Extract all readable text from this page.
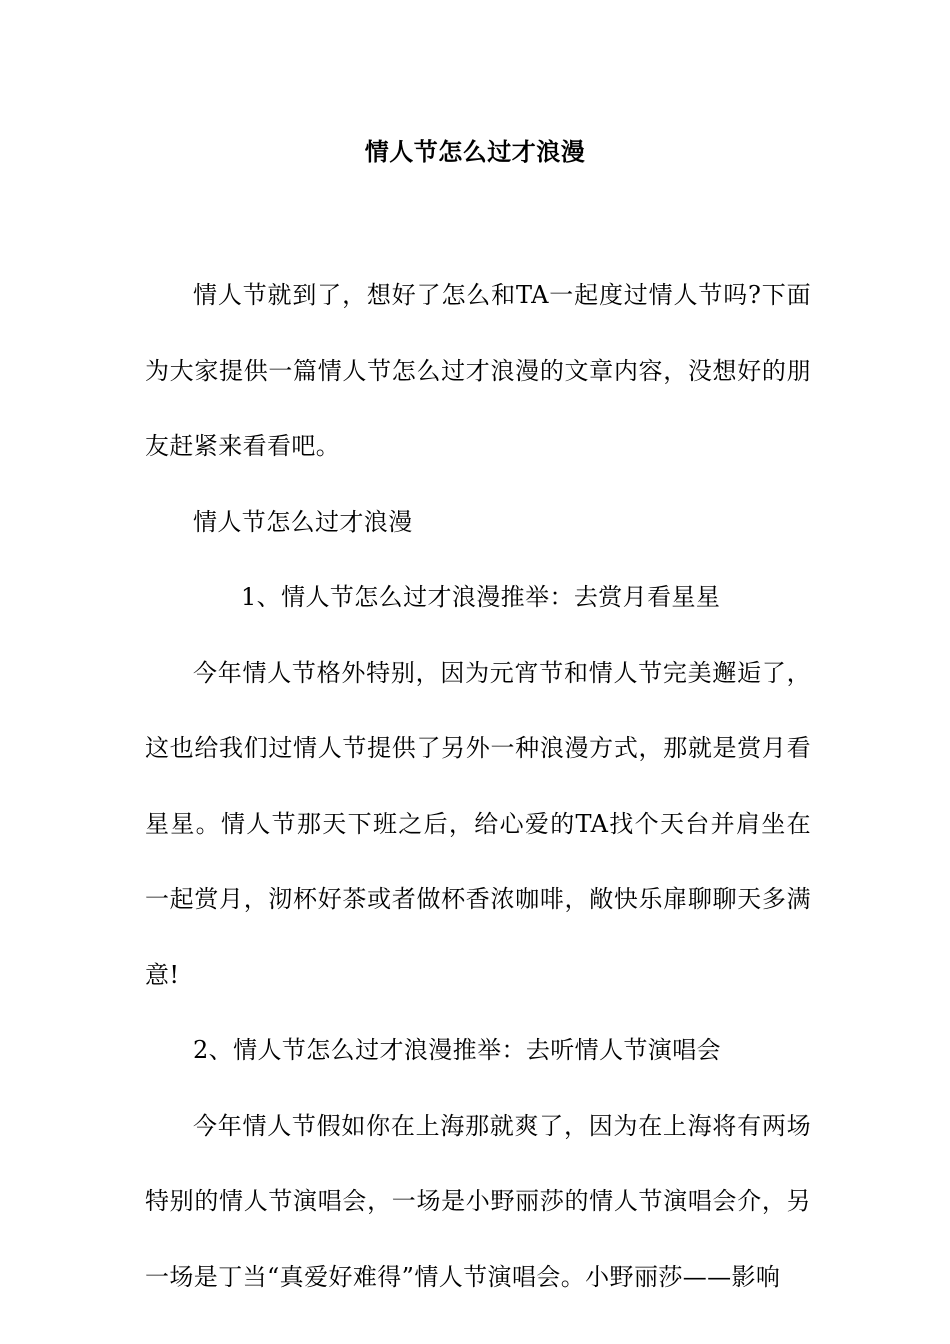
情人节怎么过才浪漫

情人节就到了，想好了怎么和TA一起度过情人节吗?下面为大家提供一篇情人节怎么过才浪漫的文章内容，没想好的朋友赶紧来看看吧。

情人节怎么过才浪漫

1、情人节怎么过才浪漫推举：去赏月看星星

今年情人节格外特别，因为元宵节和情人节完美邂逅了，这也给我们过情人节提供了另外一种浪漫方式，那就是赏月看星星。情人节那天下班之后，给心爱的TA找个天台并肩坐在一起赏月，沏杯好茶或者做杯香浓咖啡，敞快乐扉聊聊天多满意!

2、情人节怎么过才浪漫推举：去听情人节演唱会

今年情人节假如你在上海那就爽了，因为在上海将有两场特别的情人节演唱会，一场是小野丽莎的情人节演唱会介，另一场是丁当“真爱好难得”情人节演唱会。小野丽莎——影响
